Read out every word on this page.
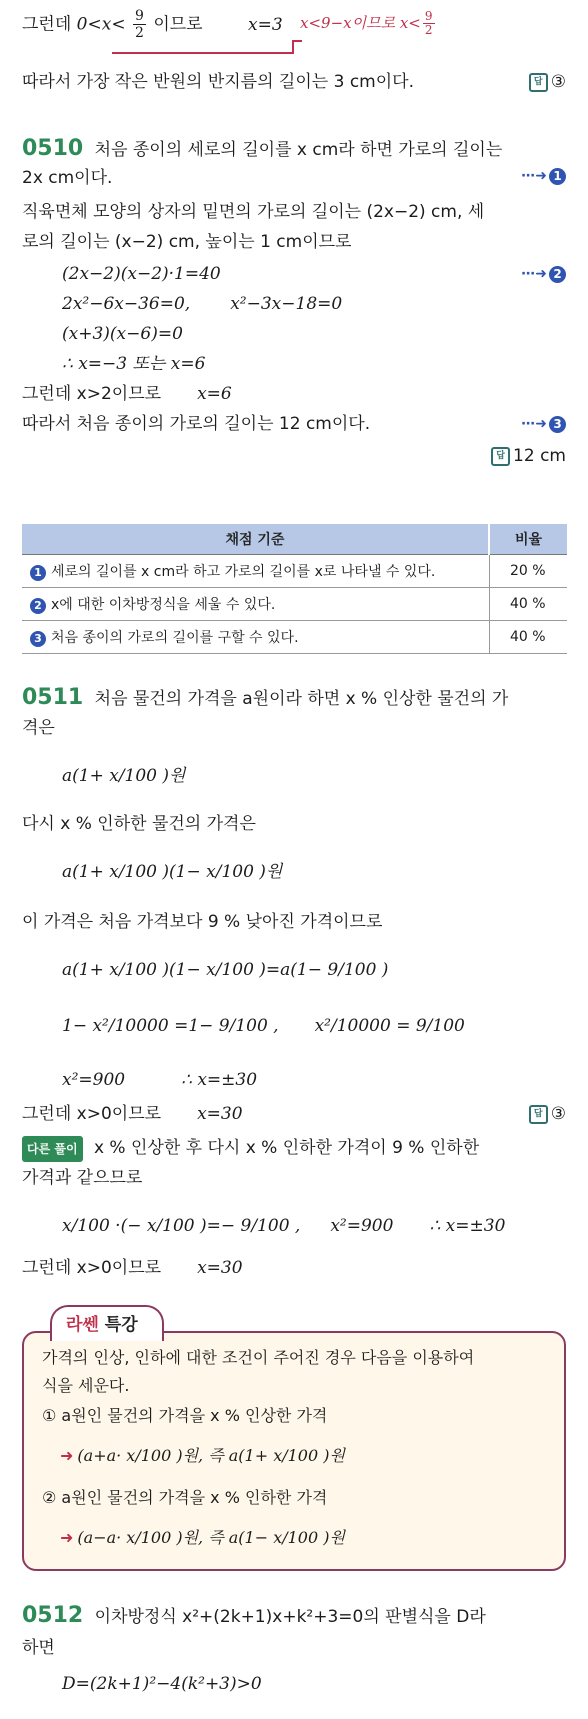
그런데 $0<x< \frac{9}{2}$ 이므로	x=3	x<9−x이므로 $x< \frac{9}{2}$
따라서 가장 작은 반원의 반지름의 길이는 3 cm이다.	답 ③
0510 처음 종이의 세로의 길이를 x cm라 하면 가로의 길이는
2x cm이다.	⋯➜ 1
직육면체 모양의 상자의 밑면의 가로의 길이는 (2x−2) cm, 세
로의 길이는 (x−2) cm, 높이는 1 cm이므로
(2x−2)(x−2)·1=40	⋯➜ 2
2x²−6x−36=0, x²−3x−18=0
(x+3)(x−6)=0
∴ x=−3 또는 x=6
그런데 x>2이므로 x=6
따라서 처음 종이의 가로의 길이는 12 cm이다.	⋯➜ 3
답 12 cm
채점 기준	비율
1 세로의 길이를 x cm라 하고 가로의 길이를 x로 나타낼 수 있다.	20 %
2 x에 대한 이차방정식을 세울 수 있다.	40 %
3 처음 종이의 가로의 길이를 구할 수 있다.	40 %
0511 처음 물건의 가격을 a원이라 하면 x % 인상한 물건의 가
격은
a(1+ x/100 )원
다시 x % 인하한 물건의 가격은
a(1+ x/100 )(1− x/100 )원
이 가격은 처음 가격보다 9 % 낮아진 가격이므로
a(1+ x/100 )(1− x/100 )=a(1− 9/100 )
1− x²/10000 =1− 9/100 , x²/10000 = 9/100
x²=900	∴ x=±30
그런데 x>0이므로 x=30	답 ③
다른 풀이 x % 인상한 후 다시 x % 인하한 가격이 9 % 인하한
가격과 같으므로
x/100 ·(− x/100 )=− 9/100 , x²=900 ∴ x=±30
그런데 x>0이므로 x=30
라쎈 특강
가격의 인상, 인하에 대한 조건이 주어진 경우 다음을 이용하여
식을 세운다.
① a원인 물건의 가격을 x % 인상한 가격
➜ (a+a· x/100 )원, 즉 a(1+ x/100 )원
② a원인 물건의 가격을 x % 인하한 가격
➜ (a−a· x/100 )원, 즉 a(1− x/100 )원
0512 이차방정식 x²+(2k+1)x+k²+3=0의 판별식을 D라
하면
D=(2k+1)²−4(k²+3)>0
